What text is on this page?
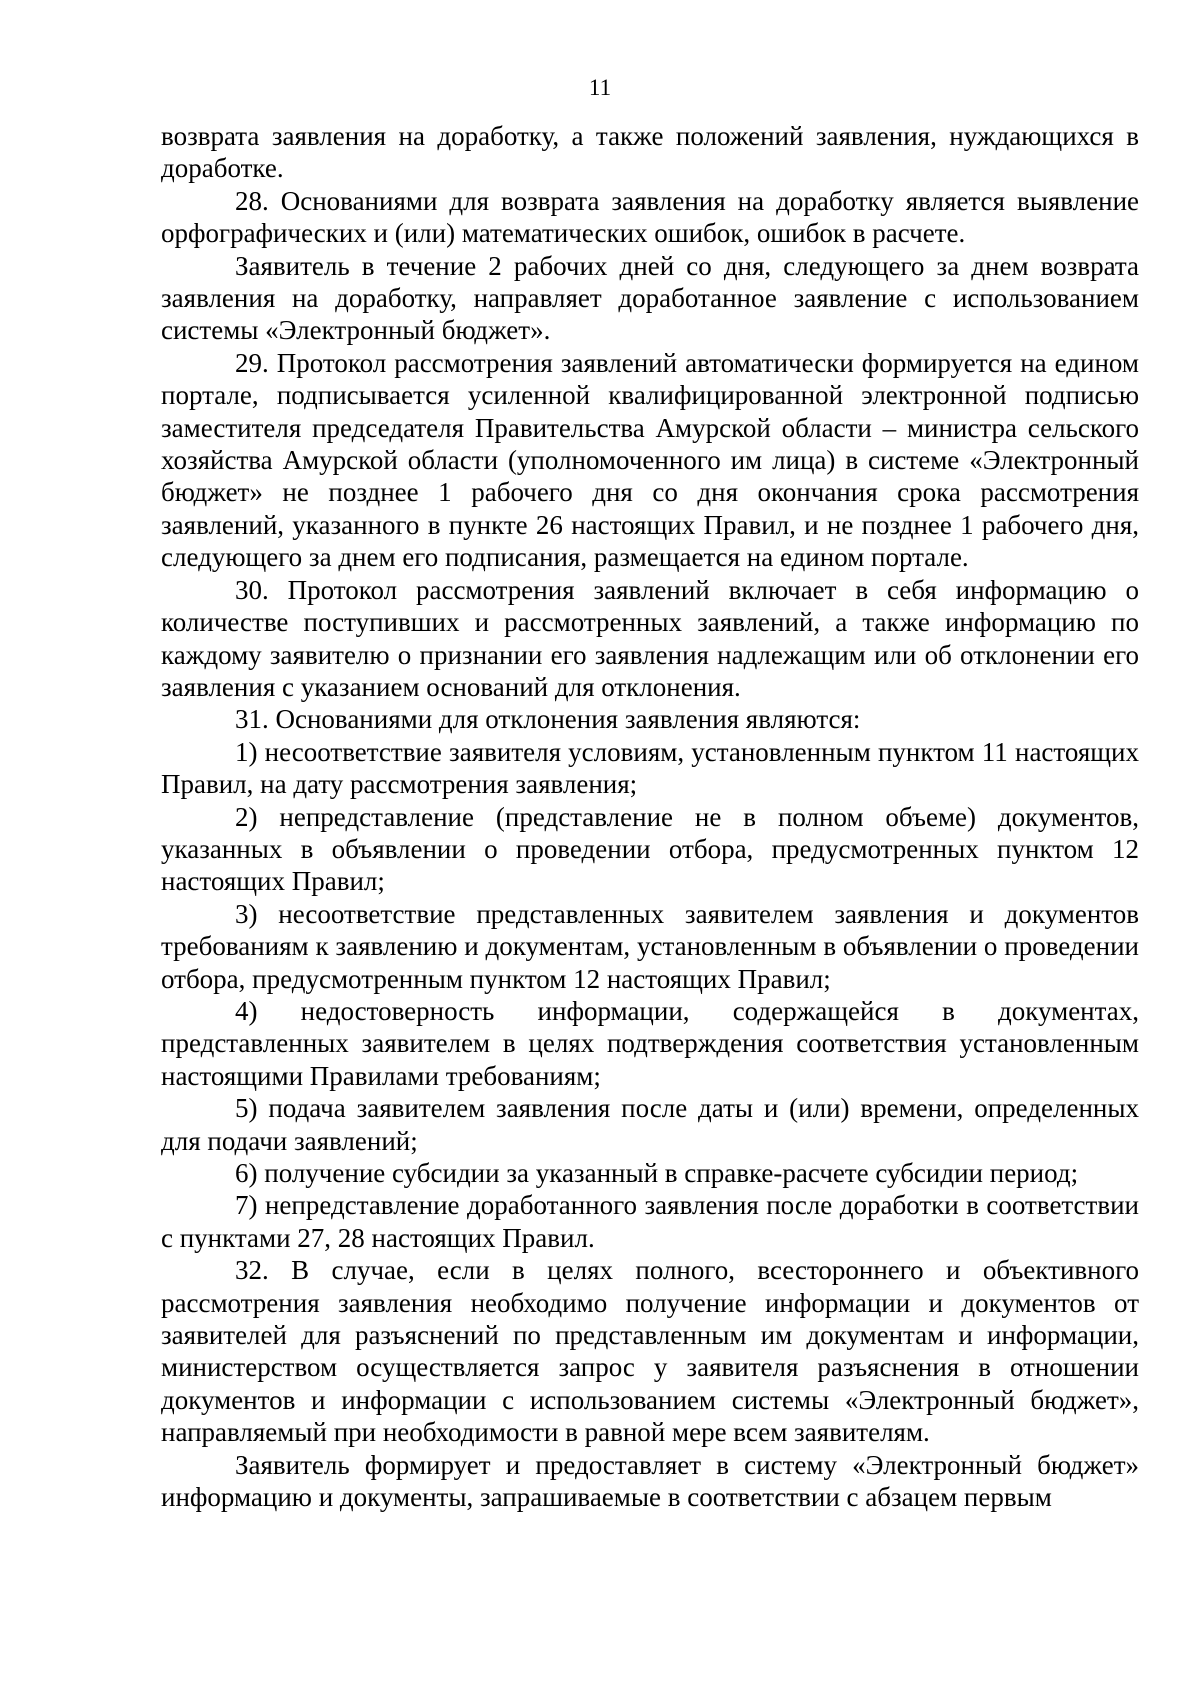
11

возврата заявления на доработку, а также положений заявления, нуждающихся в доработке.

28. Основаниями для возврата заявления на доработку является выявление орфографических и (или) математических ошибок, ошибок в расчете.

Заявитель в течение 2 рабочих дней со дня, следующего за днем возврата заявления на доработку, направляет доработанное заявление с использованием системы «Электронный бюджет».

29. Протокол рассмотрения заявлений автоматически формируется на едином портале, подписывается усиленной квалифицированной электронной подписью заместителя председателя Правительства Амурской области – министра сельского хозяйства Амурской области (уполномоченного им лица) в системе «Электронный бюджет» не позднее 1 рабочего дня со дня окончания срока рассмотрения заявлений, указанного в пункте 26 настоящих Правил, и не позднее 1 рабочего дня, следующего за днем его подписания, размещается на едином портале.

30. Протокол рассмотрения заявлений включает в себя информацию о количестве поступивших и рассмотренных заявлений, а также информацию по каждому заявителю о признании его заявления надлежащим или об отклонении его заявления с указанием оснований для отклонения.

31. Основаниями для отклонения заявления являются:

1) несоответствие заявителя условиям, установленным пунктом 11 настоящих Правил, на дату рассмотрения заявления;

2) непредставление (представление не в полном объеме) документов, указанных в объявлении о проведении отбора, предусмотренных пунктом 12 настоящих Правил;

3) несоответствие представленных заявителем заявления и документов требованиям к заявлению и документам, установленным в объявлении о проведении отбора, предусмотренным пунктом 12 настоящих Правил;

4) недостоверность информации, содержащейся в документах, представленных заявителем в целях подтверждения соответствия установленным настоящими Правилами требованиям;

5) подача заявителем заявления после даты и (или) времени, определенных для подачи заявлений;

6) получение субсидии за указанный в справке-расчете субсидии период;

7) непредставление доработанного заявления после доработки в соответствии с пунктами 27, 28 настоящих Правил.

32. В случае, если в целях полного, всестороннего и объективного рассмотрения заявления необходимо получение информации и документов от заявителей для разъяснений по представленным им документам и информации, министерством осуществляется запрос у заявителя разъяснения в отношении документов и информации с использованием системы «Электронный бюджет», направляемый при необходимости в равной мере всем заявителям.

Заявитель формирует и предоставляет в систему «Электронный бюджет» информацию и документы, запрашиваемые в соответствии с абзацем первым
